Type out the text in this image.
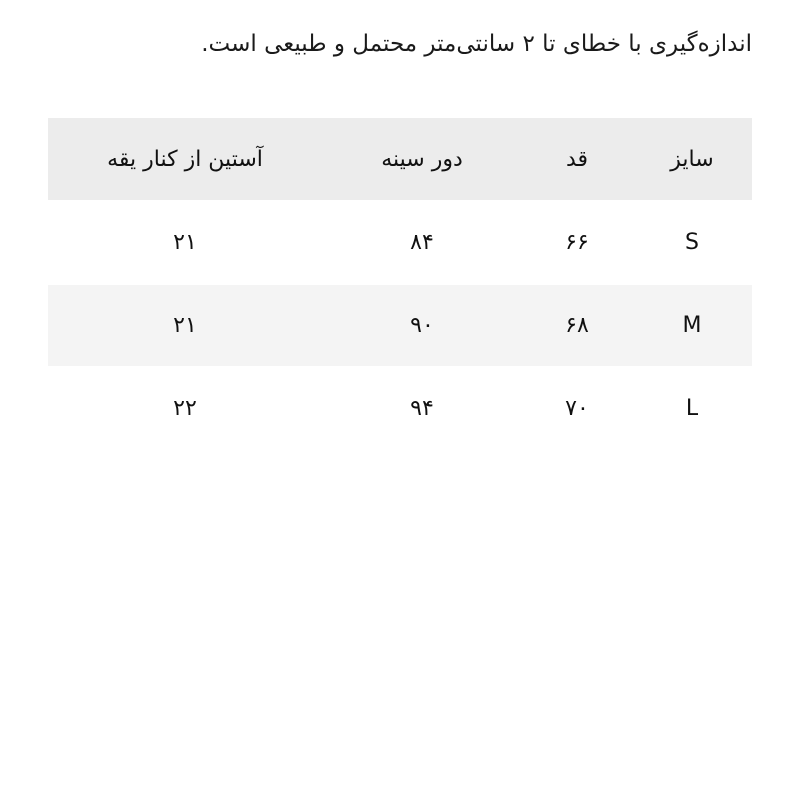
اندازه‌گیری با خطای تا ۲ سانتی‌متر محتمل و طبیعی است.
سایز	قد	دور سینه	آستین از کنار یقه
S	۶۶	۸۴	۲۱
M	۶۸	۹۰	۲۱
L	۷۰	۹۴	۲۲
